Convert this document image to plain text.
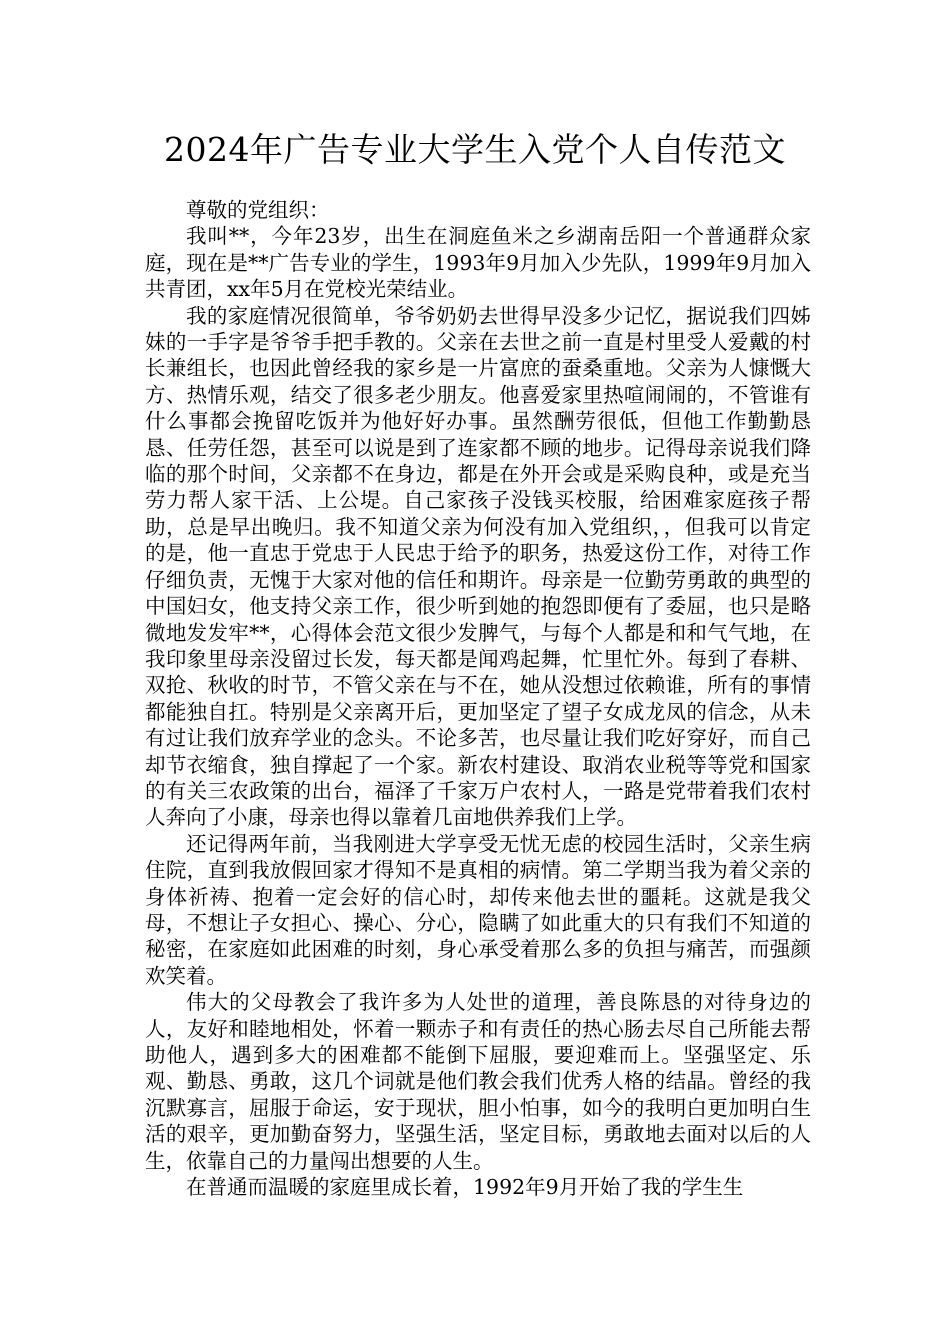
2024年广告专业大学生入党个人自传范文

尊敬的党组织：

我叫**，今年23岁，出生在洞庭鱼米之乡湖南岳阳一个普通群众家庭，现在是**广告专业的学生，1993年9月加入少先队，1999年9月加入共青团，xx年5月在党校光荣结业。

我的家庭情况很简单，爷爷奶奶去世得早没多少记忆，据说我们四姊妹的一手字是爷爷手把手教的。父亲在去世之前一直是村里受人爱戴的村长兼组长，也因此曾经我的家乡是一片富庶的蚕桑重地。父亲为人慷慨大方、热情乐观，结交了很多老少朋友。他喜爱家里热喧闹闹的，不管谁有什么事都会挽留吃饭并为他好好办事。虽然酬劳很低，但他工作勤勤恳恳、任劳任怨，甚至可以说是到了连家都不顾的地步。记得母亲说我们降临的那个时间，父亲都不在身边，都是在外开会或是采购良种，或是充当劳力帮人家干活、上公堤。自己家孩子没钱买校服，给困难家庭孩子帮助，总是早出晚归。我不知道父亲为何没有加入党组织，，但我可以肯定的是，他一直忠于党忠于人民忠于给予的职务，热爱这份工作，对待工作仔细负责，无愧于大家对他的信任和期许。母亲是一位勤劳勇敢的典型的中国妇女，他支持父亲工作，很少听到她的抱怨即便有了委屈，也只是略微地发发牢**，心得体会范文很少发脾气，与每个人都是和和气气地，在我印象里母亲没留过长发，每天都是闻鸡起舞，忙里忙外。每到了春耕、双抢、秋收的时节，不管父亲在与不在，她从没想过依赖谁，所有的事情都能独自扛。特别是父亲离开后，更加坚定了望子女成龙凤的信念，从未有过让我们放弃学业的念头。不论多苦，也尽量让我们吃好穿好，而自己却节衣缩食，独自撑起了一个家。新农村建设、取消农业税等等党和国家的有关三农政策的出台，福泽了千家万户农村人，一路是党带着我们农村人奔向了小康，母亲也得以靠着几亩地供养我们上学。

还记得两年前，当我刚进大学享受无忧无虑的校园生活时，父亲生病住院，直到我放假回家才得知不是真相的病情。第二学期当我为着父亲的身体祈祷、抱着一定会好的信心时，却传来他去世的噩耗。这就是我父母，不想让子女担心、操心、分心，隐瞒了如此重大的只有我们不知道的秘密，在家庭如此困难的时刻，身心承受着那么多的负担与痛苦，而强颜欢笑着。

伟大的父母教会了我许多为人处世的道理，善良陈恳的对待身边的人，友好和睦地相处，怀着一颗赤子和有责任的热心肠去尽自己所能去帮助他人，遇到多大的困难都不能倒下屈服，要迎难而上。坚强坚定、乐观、勤恳、勇敢，这几个词就是他们教会我们优秀人格的结晶。曾经的我沉默寡言，屈服于命运，安于现状，胆小怕事，如今的我明白更加明白生活的艰辛，更加勤奋努力，坚强生活，坚定目标，勇敢地去面对以后的人生，依靠自己的力量闯出想要的人生。

在普通而温暖的家庭里成长着，1992年9月开始了我的学生生
